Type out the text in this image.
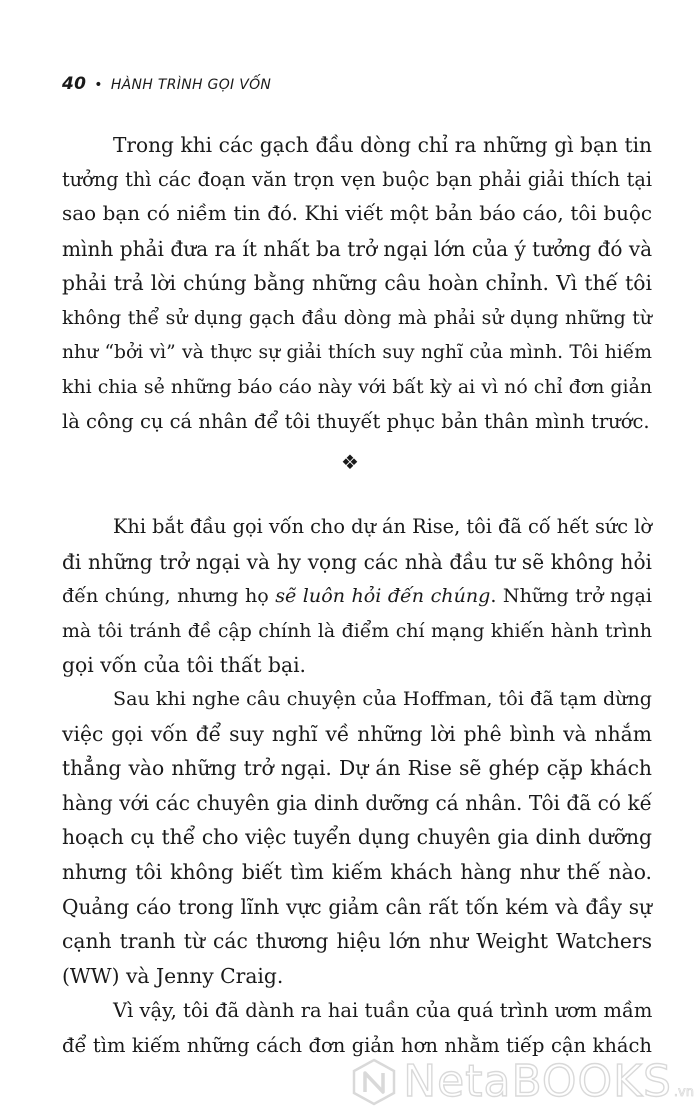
40 • HÀNH TRÌNH GỌI VỐN
Trong khi các gạch đầu dòng chỉ ra những gì bạn tin
tưởng thì các đoạn văn trọn vẹn buộc bạn phải giải thích tại
sao bạn có niềm tin đó. Khi viết một bản báo cáo, tôi buộc
mình phải đưa ra ít nhất ba trở ngại lớn của ý tưởng đó và
phải trả lời chúng bằng những câu hoàn chỉnh. Vì thế tôi
không thể sử dụng gạch đầu dòng mà phải sử dụng những từ
như “bởi vì” và thực sự giải thích suy nghĩ của mình. Tôi hiếm
khi chia sẻ những báo cáo này với bất kỳ ai vì nó chỉ đơn giản
là công cụ cá nhân để tôi thuyết phục bản thân mình trước.
❖
Khi bắt đầu gọi vốn cho dự án Rise, tôi đã cố hết sức lờ
đi những trở ngại và hy vọng các nhà đầu tư sẽ không hỏi
đến chúng, nhưng họ sẽ luôn hỏi đến chúng. Những trở ngại
mà tôi tránh đề cập chính là điểm chí mạng khiến hành trình
gọi vốn của tôi thất bại.
Sau khi nghe câu chuyện của Hoffman, tôi đã tạm dừng
việc gọi vốn để suy nghĩ về những lời phê bình và nhắm
thẳng vào những trở ngại. Dự án Rise sẽ ghép cặp khách
hàng với các chuyên gia dinh dưỡng cá nhân. Tôi đã có kế
hoạch cụ thể cho việc tuyển dụng chuyên gia dinh dưỡng
nhưng tôi không biết tìm kiếm khách hàng như thế nào.
Quảng cáo trong lĩnh vực giảm cân rất tốn kém và đầy sự
cạnh tranh từ các thương hiệu lớn như Weight Watchers
(WW) và Jenny Craig.
Vì vậy, tôi đã dành ra hai tuần của quá trình ươm mầm
để tìm kiếm những cách đơn giản hơn nhằm tiếp cận khách
NetaBOOKS .vn
